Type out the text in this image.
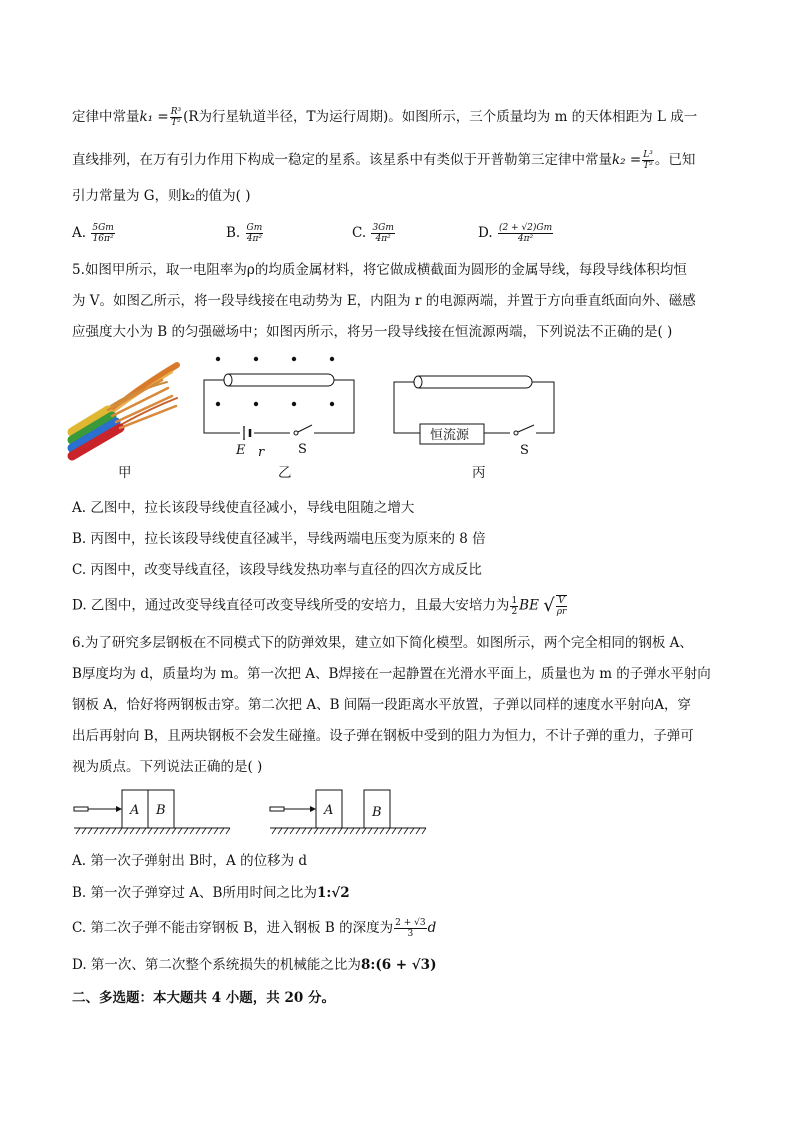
定律中常量$k_1 = \frac{\text{R³}}{\text{T²}} (R$为行星轨道半径，T为运行周期)。如图所示，三个质量均为 m 的天体相距为 L 成一
直线排列，在万有引力作用下构成一稳定的星系。该星系中有类似于开普勒第三定律中常量$k_2 = \frac{\text{L³}}{\text{T²}}$ 。已知
引力常量为 G，则k₂的值为( )
A. $\frac{5Gm}{\text{16π²}}$	B. $\frac{Gm}{\text{4π²}}$	C. $\frac{3Gm}{\text{4π²}}$	D. $\frac{(2 + √2)Gm}{\text{4π²}}$
5.如图甲所示，取一电阻率为ρ的均质金属材料，将它做成横截面为圆形的金属导线，每段导线体积均恒
为 V。如图乙所示，将一段导线接在电动势为 E，内阻为 r 的电源两端，并置于方向垂直纸面向外、磁感
应强度大小为 B 的匀强磁场中；如图丙所示，将另一段导线接在恒流源两端，下列说法不正确的是( )
甲
E r	S
乙
恒流源
S
丙
A. 乙图中，拉长该段导线使直径减小，导线电阻随之增大
B. 丙图中，拉长该段导线使直径减半，导线两端电压变为原来的 8 倍
C. 丙图中，改变导线直径，该段导线发热功率与直径的四次方成反比
D. 乙图中，通过改变导线直径可改变导线所受的安培力，且最大安培力为 $\frac{1}{2}$ BE √ $\frac{V}{\rho r}$
6.为了研究多层钢板在不同模式下的防弹效果，建立如下简化模型。如图所示，两个完全相同的钢板 A、
B厚度均为 d，质量均为 m。第一次把 A、B焊接在一起静置在光滑水平面上，质量也为 m 的子弹水平射向
钢板 A，恰好将两钢板击穿。第二次把 A、B 间隔一段距离水平放置，子弹以同样的速度水平射向A，穿
出后再射向 B，且两块钢板不会发生碰撞。设子弹在钢板中受到的阻力为恒力，不计子弹的重力，子弹可
视为质点。下列说法正确的是( )
A B	A	B
A. 第一次子弹射出 B时，A 的位移为 d
B. 第一次子弹穿过 A、B所用时间之比为1:√2
C. 第二次子弹不能击穿钢板 B，进入钢板 B 的深度为 $\frac{2 + √3}{3}$ d
D. 第一次、第二次整个系统损失的机械能之比为8:(6 + √3)
二、多选题：本大题共 4 小题，共 20 分。
